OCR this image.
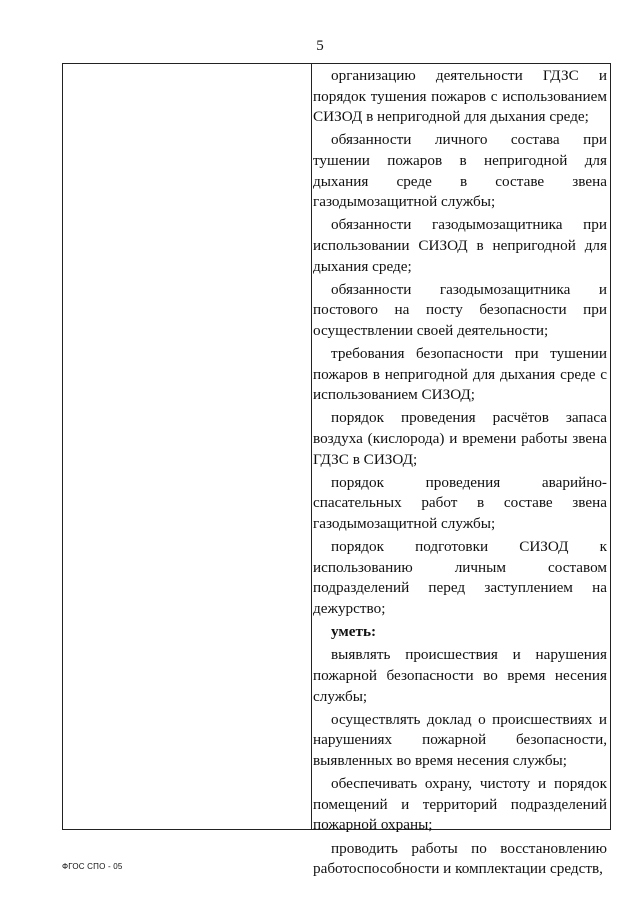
5

организацию деятельности ГДЗС и порядок тушения пожаров с использованием СИЗОД в непригодной для дыхания среде;

обязанности личного состава при тушении пожаров в непригодной для дыхания среде в составе звена газодымозащитной службы;

обязанности газодымозащитника при использовании СИЗОД в непригодной для дыхания среде;

обязанности газодымозащитника и постового на посту безопасности при осуществлении своей деятельности;

требования безопасности при тушении пожаров в непригодной для дыхания среде с использованием СИЗОД;

порядок проведения расчётов запаса воздуха (кислорода) и времени работы звена ГДЗС в СИЗОД;

порядок проведения аварийно-спасательных работ в составе звена газодымозащитной службы;

порядок подготовки СИЗОД к использованию личным составом подразделений перед заступлением на дежурство;

уметь:

выявлять происшествия и нарушения пожарной безопасности во время несения службы;

осуществлять доклад о происшествиях и нарушениях пожарной безопасности, выявленных во время несения службы;

обеспечивать охрану, чистоту и порядок помещений и территорий подразделений пожарной охраны;

проводить работы по восстановлению работоспособности и комплектации средств,

ФГОС СПО - 05
